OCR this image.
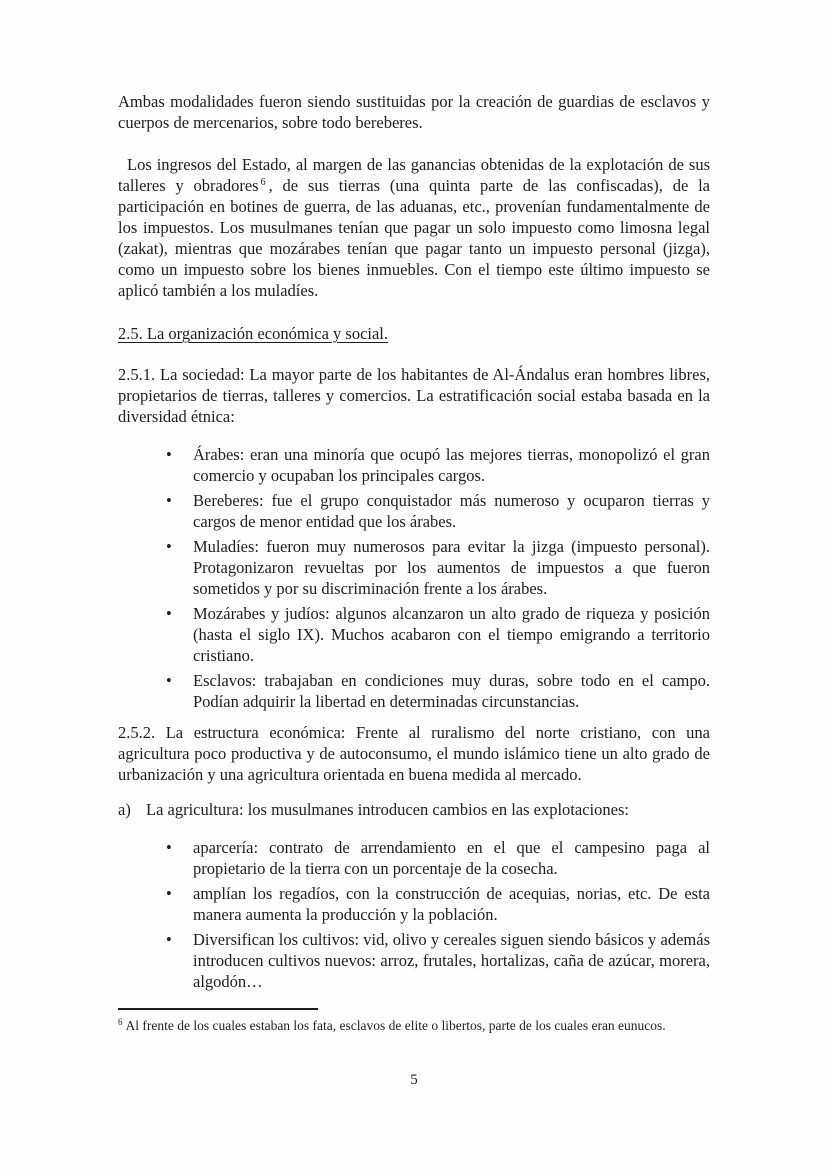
Ambas modalidades fueron siendo sustituidas por la creación de guardias de esclavos y cuerpos de mercenarios, sobre todo bereberes.

Los ingresos del Estado, al margen de las ganancias obtenidas de la explotación de sus talleres y obradores $^6$ , de sus tierras (una quinta parte de las confiscadas), de la participación en botines de guerra, de las aduanas, etc., provenían fundamentalmente de los impuestos. Los musulmanes tenían que pagar un solo impuesto como limosna legal (zakat), mientras que mozárabes tenían que pagar tanto un impuesto personal (jizga), como un impuesto sobre los bienes inmuebles. Con el tiempo este último impuesto se aplicó también a los muladíes.

2.5. La organización económica y social.

2.5.1. La sociedad: La mayor parte de los habitantes de Al-Ándalus eran hombres libres, propietarios de tierras, talleres y comercios. La estratificación social estaba basada en la diversidad étnica:

• Árabes: eran una minoría que ocupó las mejores tierras, monopolizó el gran comercio y ocupaban los principales cargos.
• Bereberes: fue el grupo conquistador más numeroso y ocuparon tierras y cargos de menor entidad que los árabes.
• Muladíes: fueron muy numerosos para evitar la jizga (impuesto personal). Protagonizaron revueltas por los aumentos de impuestos a que fueron sometidos y por su discriminación frente a los árabes.
• Mozárabes y judíos: algunos alcanzaron un alto grado de riqueza y posición (hasta el siglo IX). Muchos acabaron con el tiempo emigrando a territorio cristiano.
• Esclavos: trabajaban en condiciones muy duras, sobre todo en el campo. Podían adquirir la libertad en determinadas circunstancias.

2.5.2. La estructura económica: Frente al ruralismo del norte cristiano, con una agricultura poco productiva y de autoconsumo, el mundo islámico tiene un alto grado de urbanización y una agricultura orientada en buena medida al mercado.

a) La agricultura: los musulmanes introducen cambios en las explotaciones:
• aparcería: contrato de arrendamiento en el que el campesino paga al propietario de la tierra con un porcentaje de la cosecha.
• amplían los regadíos, con la construcción de acequias, norias, etc. De esta manera aumenta la producción y la población.
• Diversifican los cultivos: vid, olivo y cereales siguen siendo básicos y además introducen cultivos nuevos: arroz, frutales, hortalizas, caña de azúcar, morera, algodón…

$^6$ Al frente de los cuales estaban los fata, esclavos de elite o libertos, parte de los cuales eran eunucos.

5
